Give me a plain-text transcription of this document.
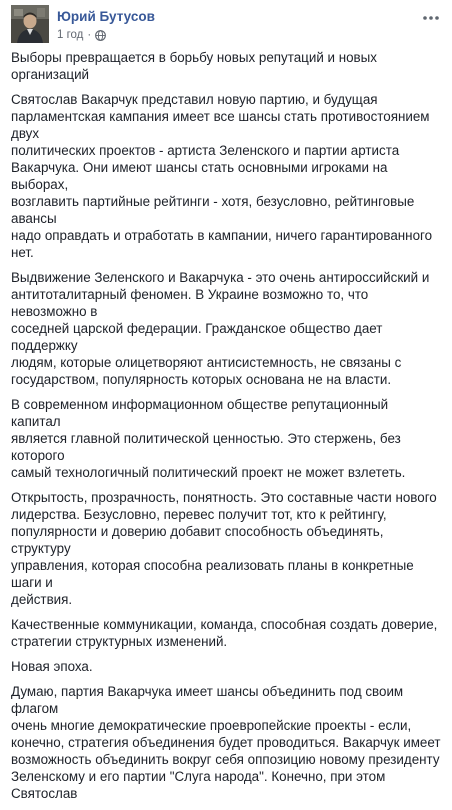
Юрий Бутусов
1 год ·

Выборы превращается в борьбу новых репутаций и новых организаций

Святослав Вакарчук представил новую партию, и будущая
парламентская кампания имеет все шансы стать противостоянием двух
политических проектов - артиста Зеленского и партии артиста
Вакарчука. Они имеют шансы стать основными игроками на выборах,
возглавить партийные рейтинги - хотя, безусловно, рейтинговые авансы
надо оправдать и отработать в кампании, ничего гарантированного
нет.

Выдвижение Зеленского и Вакарчука - это очень антироссийский и
антитоталитарный феномен. В Украине возможно то, что невозможно в
соседней царской федерации. Гражданское общество дает поддержку
людям, которые олицетворяют антисистемность, не связаны с
государством, популярность которых основана не на власти.

В современном информационном обществе репутационный капитал
является главной политической ценностью. Это стержень, без которого
самый технологичный политический проект не может взлететь.

Открытость, прозрачность, понятность. Это составные части нового
лидерства. Безусловно, перевес получит тот, кто к рейтингу,
популярности и доверию добавит способность объединять, структуру
управления, которая способна реализовать планы в конкретные шаги и
действия.

Качественные коммуникации, команда, способная создать доверие,
стратегии структурных изменений.

Новая эпоха.

Думаю, партия Вакарчука имеет шансы объединить под своим флагом
очень многие демократические проевропейские проекты - если,
конечно, стратегия объединения будет проводиться. Вакарчук имеет
возможность объединить вокруг себя оппозицию новому президенту
Зеленскому и его партии "Слуга народа". Конечно, при этом Святослав
